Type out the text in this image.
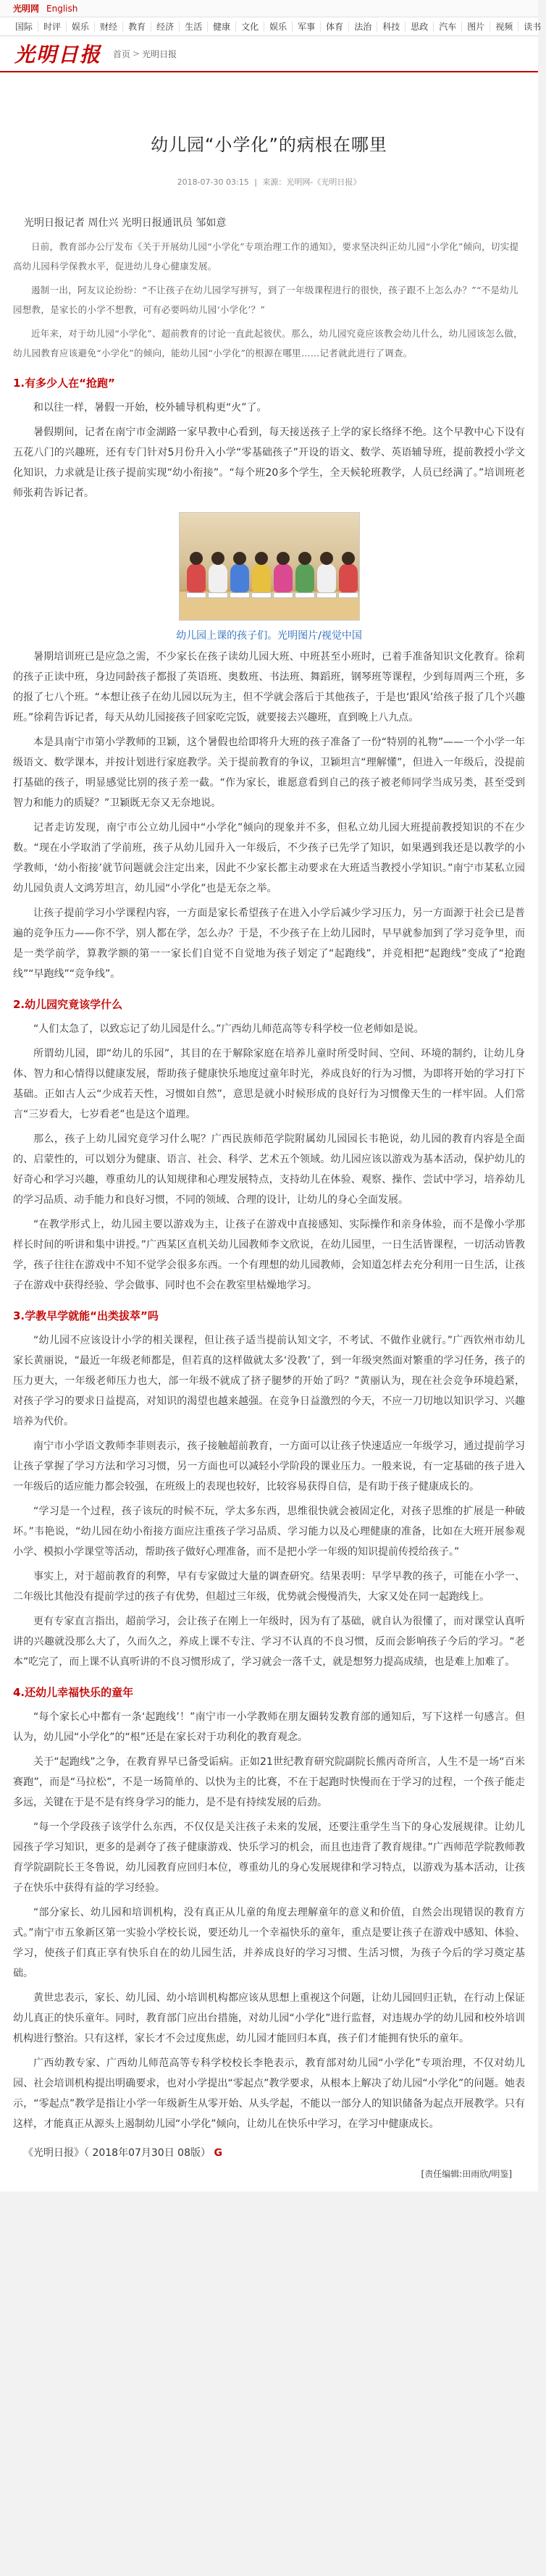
光明网 English
国际	时评	娱乐	财经	教育	经济	生活	健康	文化	娱乐	军事	体育	法治	科技	思政	汽车	图片	视频	读书
光明日报 首页 > 光明日报
幼儿园“小学化”的病根在哪里
2018-07-30 03:15 | 来源：光明网-《光明日报》
光明日报记者 周仕兴 光明日报通讯员 邹如意

日前，教育部办公厅发布《关于开展幼儿园“小学化”专项治理工作的通知》，要求坚决纠正幼儿园“小学化”倾向，切实提高幼儿园科学保教水平，促进幼儿身心健康发展。

遏制一出，阿友议论纷纷：“不让孩子在幼儿园学写拼写，到了一年级课程进行的很快，孩子跟不上怎么办？”“不是幼儿园想教，是家长的小学不想教，可有必要吗幼儿园‘小学化’？”

近年来，对于幼儿园“小学化”、超前教育的讨论一直此起彼伏。那么，幼儿园究竟应该教会幼儿什么，幼儿园该怎么做，幼儿园教育应该避免“小学化”的倾向，能幼儿园“小学化”的根源在哪里……记者就此进行了调查。

1.有多少人在“抢跑”

和以往一样，暑假一开始，校外辅导机构更“火”了。

暑假期间，记者在南宁市金湖路一家早教中心看到，每天接送孩子上学的家长络绎不绝。这个早教中心下设有五花八门的兴趣班，还有专门针对5月份升入小学“零基础孩子”开设的语文、数学、英语辅导班，提前教授小学文化知识，力求就是让孩子提前实现“幼小衔接”。“每个班20多个学生，全天候轮班教学，人员已经满了。”培训班老师张莉告诉记者。

幼儿园上课的孩子们。光明图片/视觉中国

暑期培训班已是应急之需，不少家长在孩子读幼儿园大班、中班甚至小班时，已着手准备知识文化教育。徐莉的孩子正读中班，身边同龄孩子都报了英语班、奥数班、书法班、舞蹈班，钢琴班等课程，少到每周两三个班，多的报了七八个班。“本想让孩子在幼儿园以玩为主，但不学就会落后于其他孩子，于是也‘跟风’给孩子报了几个兴趣班。”徐莉告诉记者，每天从幼儿园接孩子回家吃完饭，就要接去兴趣班，直到晚上八九点。

本是具南宁市第小学教师的卫颖，这个暑假也给即将升大班的孩子准备了一份“特别的礼物”——一个小学一年级语文、数学课本，并按计划进行家庭教学。关于提前教育的争议，卫颖坦言“理解懂”，但进入一年级后，没提前打基础的孩子，明显感觉比别的孩子差一截。“作为家长，谁愿意看到自己的孩子被老师同学当成另类，甚至受到智力和能力的质疑？”卫颖既无奈又无奈地说。

记者走访发现，南宁市公立幼儿园中“小学化”倾向的现象并不多，但私立幼儿园大班提前教授知识的不在少数。“现在小学取消了学前班，孩子从幼儿园升入一年级后，不少孩子已先学了知识，如果遇到我还是以教学的小学教师，‘幼小衔接’就节问题就会注定出来，因此不少家长都主动要求在大班适当教授小学知识。”南宁市某私立园幼儿园负责人文鸿芳坦言，幼儿园“小学化”也是无奈之举。

让孩子提前学习小学课程内容，一方面是家长希望孩子在进入小学后减少学习压力，另一方面源于社会已是普遍的竞争压力——你不学，别人都在学，怎么办？于是，不少孩子在上幼儿园时，早早就参加到了学习竞争里，而是一类学前学，算教学额的第一一家长们自觉不自觉地为孩子划定了“起跑线”，并竞相把“起跑线”变成了“抢跑线”“早跑线”“竞争线”。

2.幼儿园究竟该学什么

“人们太急了，以致忘记了幼儿园是什么。”广西幼儿师范高等专科学校一位老师如是说。

所谓幼儿园，即“幼儿的乐园”，其目的在于解除家庭在培养儿童时所受时间、空间、环境的制约，让幼儿身体、智力和心情得以健康发展，帮助孩子健康快乐地度过童年时光，养成良好的行为习惯，为即将开始的学习打下基础。正如古人云“少成若天性，习惯如自然”，意思是就小时候形成的良好行为习惯像天生的一样牢固。人们常言“三岁看大，七岁看老”也是这个道理。

那么，孩子上幼儿园究竟学习什么呢？广西民族师范学院附属幼儿园园长韦艳说，幼儿园的教育内容是全面的、启蒙性的，可以划分为健康、语言、社会、科学、艺术五个领域。幼儿园应该以游戏为基本活动，保护幼儿的好奇心和学习兴趣，尊重幼儿的认知规律和心理发展特点，支持幼儿在体验、观察、操作、尝试中学习，培养幼儿的学习品质、动手能力和良好习惯，不同的领域、合理的设计，让幼儿的身心全面发展。

“在教学形式上，幼儿园主要以游戏为主，让孩子在游戏中直接感知、实际操作和亲身体验，而不是像小学那样长时间的听讲和集中讲授。”广西某区直机关幼儿园教师李文欣说，在幼儿园里，一日生活皆课程，一切活动皆教学，孩子往往在游戏中不知不觉学会很多东西。一个有理想的幼儿园教师，会知道怎样去充分利用一日生活，让孩子在游戏中获得经验、学会做事、同时也不会在教室里枯燥地学习。

3.学教早学就能“出类拔萃”吗

“幼儿园不应该设计小学的相关课程，但让孩子适当提前认知文字，不考试、不做作业就行。”广西钦州市幼儿家长黄丽说，“最近一年级老师都是，但若真的这样做就太多‘没教’了，到一年级突然面对繁重的学习任务，孩子的压力更大，一年级老师压力也大，部一年级不就成了挤子腿梦的开始了吗？”黄丽认为，现在社会竞争环境趋紧，对孩子学习的要求日益提高，对知识的渴望也越来越强。在竞争日益激烈的今天，不应一刀切地以知识学习、兴趣培养为代价。

南宁市小学语文教师李菲则表示，孩子接触超前教育，一方面可以让孩子快速适应一年级学习，通过提前学习让孩子掌握了学习方法和学习习惯，另一方面也可以减轻小学阶段的课业压力。一般来说，有一定基础的孩子进入一年级后的适应能力都会较强，在班级上的表现也较好，比较容易获得自信，是有助于孩子健康成长的。

“学习是一个过程，孩子该玩的时候不玩，学太多东西，思维很快就会被固定化，对孩子思维的扩展是一种破坏。”韦艳说，“幼儿园在幼小衔接方面应注重孩子学习品质、学习能力以及心理健康的准备，比如在大班开展参观小学、模拟小学课堂等活动，帮助孩子做好心理准备，而不是把小学一年级的知识提前传授给孩子。”

事实上，对于超前教育的利弊，早有专家做过大量的调查研究。结果表明：早学早教的孩子，可能在小学一、二年级比其他没有提前学过的孩子有优势，但超过三年级，优势就会慢慢消失，大家又处在同一起跑线上。

更有专家直言指出，超前学习，会让孩子在刚上一年级时，因为有了基础，就自认为很懂了，而对课堂认真听讲的兴趣就没那么大了，久而久之，养成上课不专注、学习不认真的不良习惯，反而会影响孩子今后的学习。“老本”吃完了，而上课不认真听讲的不良习惯形成了，学习就会一落千丈，就是想努力提高成绩，也是难上加难了。

4.还幼儿幸福快乐的童年

“每个家长心中都有一条‘起跑线’！”南宁市一小学教师在朋友圈转发教育部的通知后，写下这样一句感言。但认为，幼儿园“小学化”的“根”还是在家长对于功利化的教育观念。

关于“起跑线”之争，在教育界早已备受诟病。正如21世纪教育研究院副院长熊丙奇所言，人生不是一场“百米赛跑”，而是“马拉松”，不是一场简单的、以快为主的比赛，不在于起跑时快慢而在于学习的过程，一个孩子能走多远，关键在于是不是有终身学习的能力，是不是有持续发展的后劲。

“每一个学段孩子该学什么东西，不仅仅是关注孩子未来的发展，还要注重学生当下的身心发展规律。让幼儿园孩子学习知识，更多的是剥夺了孩子健康游戏、快乐学习的机会，而且也违背了教育规律。”广西师范学院教师教育学院副院长王冬鲁说，幼儿园教育应回归本位，尊重幼儿的身心发展规律和学习特点，以游戏为基本活动，让孩子在快乐中获得有益的学习经验。

“部分家长、幼儿园和培训机构，没有真正从儿童的角度去理解童年的意义和价值，自然会出现错误的教育方式。”南宁市五象新区第一实验小学校长说，要还幼儿一个幸福快乐的童年，重点是要让孩子在游戏中感知、体验、学习，使孩子们真正享有快乐自在的幼儿园生活，并养成良好的学习习惯、生活习惯，为孩子今后的学习奠定基础。

黄世忠表示，家长、幼儿园、幼小培训机构都应该从思想上重视这个问题，让幼儿园回归正轨，在行动上保证幼儿真正的快乐童年。同时，教育部门应出台措施，对幼儿园“小学化”进行监督，对违规办学的幼儿园和校外培训机构进行整治。只有这样，家长才不会过度焦虑，幼儿园才能回归本真，孩子们才能拥有快乐的童年。

广西幼教专家、广西幼儿师范高等专科学校校长李艳表示，教育部对幼儿园“小学化”专项治理，不仅对幼儿园、社会培训机构提出明确要求，也对小学提出“零起点”教学要求，从根本上解决了幼儿园“小学化”的问题。她表示，“零起点”教学是指让小学一年级新生从零开始、从头学起，不能以一部分人的知识储备为起点开展教学。只有这样，才能真正从源头上遏制幼儿园“小学化”倾向，让幼儿在快乐中学习，在学习中健康成长。

《光明日报》（ 2018年07月30日 08版） G
[责任编辑:田雨欣/明鉴]
